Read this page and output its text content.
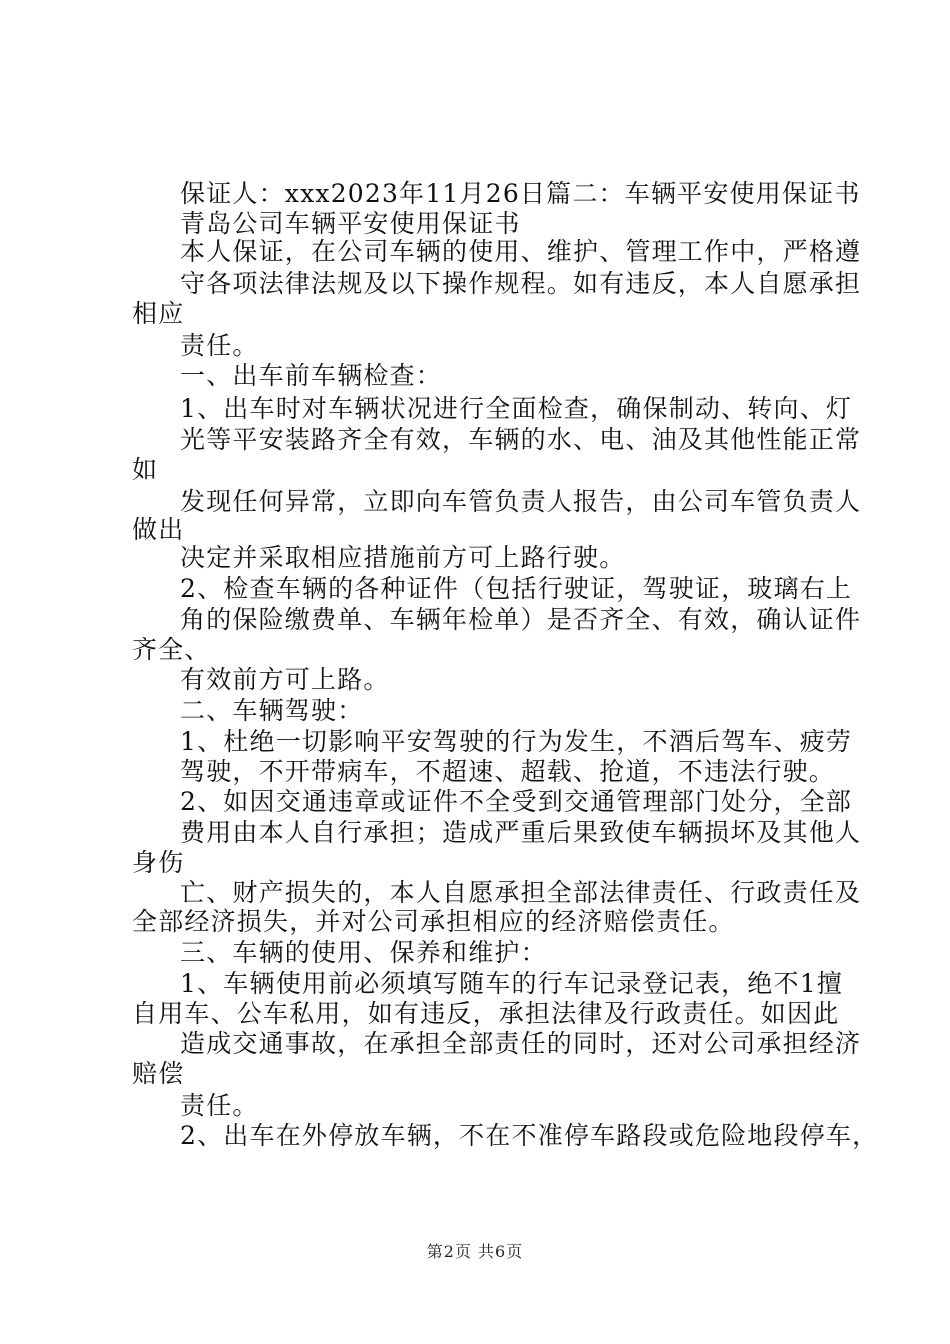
保证人：xxx2023年11月26日篇二：车辆平安使用保证书
青岛公司车辆平安使用保证书
本人保证，在公司车辆的使用、维护、管理工作中，严格遵
守各项法律法规及以下操作规程。如有违反，本人自愿承担
相应
责任。
一、出车前车辆检查：
1、出车时对车辆状况进行全面检查，确保制动、转向、灯
光等平安装路齐全有效，车辆的水、电、油及其他性能正常
如
发现任何异常，立即向车管负责人报告，由公司车管负责人
做出
决定并采取相应措施前方可上路行驶。
2、检查车辆的各种证件（包括行驶证，驾驶证，玻璃右上
角的保险缴费单、车辆年检单）是否齐全、有效，确认证件
齐全、
有效前方可上路。
二、车辆驾驶：
1、杜绝一切影响平安驾驶的行为发生，不酒后驾车、疲劳
驾驶，不开带病车，不超速、超载、抢道，不违法行驶。
2、如因交通违章或证件不全受到交通管理部门处分，全部
费用由本人自行承担；造成严重后果致使车辆损坏及其他人
身伤
亡、财产损失的，本人自愿承担全部法律责任、行政责任及
全部经济损失，并对公司承担相应的经济赔偿责任。
三、车辆的使用、保养和维护：
1、车辆使用前必须填写随车的行车记录登记表，绝不1擅
自用车、公车私用，如有违反，承担法律及行政责任。如因此
造成交通事故，在承担全部责任的同时，还对公司承担经济
赔偿
责任。
2、出车在外停放车辆，不在不准停车路段或危险地段停车，
第2页 共6页
